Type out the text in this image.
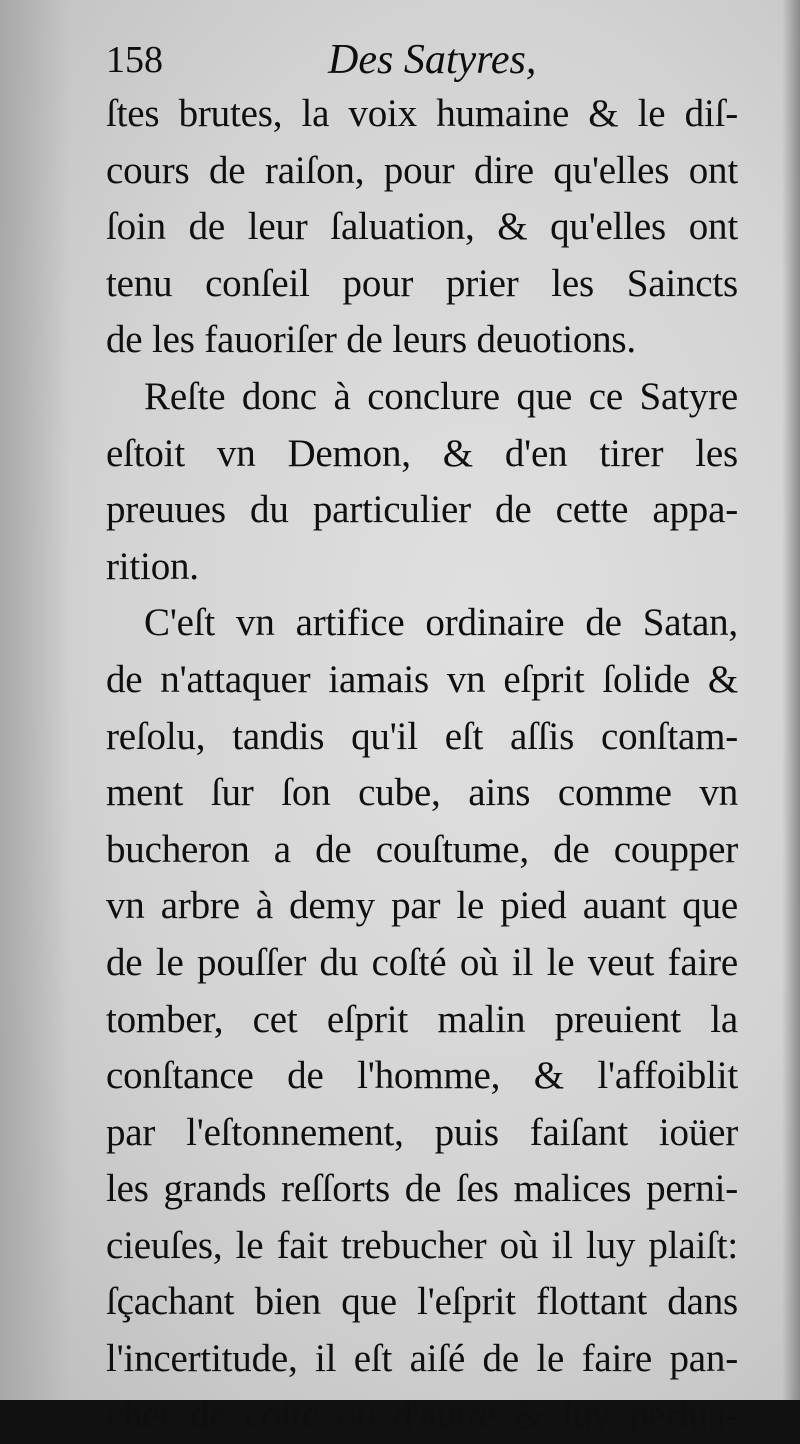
158	Des Satyres,
ſtes brutes, la voix humaine & le diſ-
cours de raiſon, pour dire qu'elles ont
ſoin de leur ſaluation, & qu'elles ont
tenu conſeil pour prier les Saincts
de les fauoriſer de leurs deuotions.
Reſte donc à conclure que ce Satyre
eſtoit vn Demon, & d'en tirer les
preuues du particulier de cette appa-
rition.
C'eſt vn artifice ordinaire de Satan,
de n'attaquer iamais vn eſprit ſolide &
reſolu, tandis qu'il eſt aſſis conſtam-
ment ſur ſon cube, ains comme vn
bucheron a de couſtume, de coupper
vn arbre à demy par le pied auant que
de le pouſſer du coſté où il le veut faire
tomber, cet eſprit malin preuient la
conſtance de l'homme, & l'affoiblit
par l'eſtonnement, puis faiſant ioüer
les grands reſſorts de ſes malices perni-
cieuſes, le fait trebucher où il luy plaiſt:
ſçachant bien que l'eſprit flottant dans
l'incertitude, il eſt aiſé de le faire pan-
cher de coſté ou d'autre & luy perſua-
